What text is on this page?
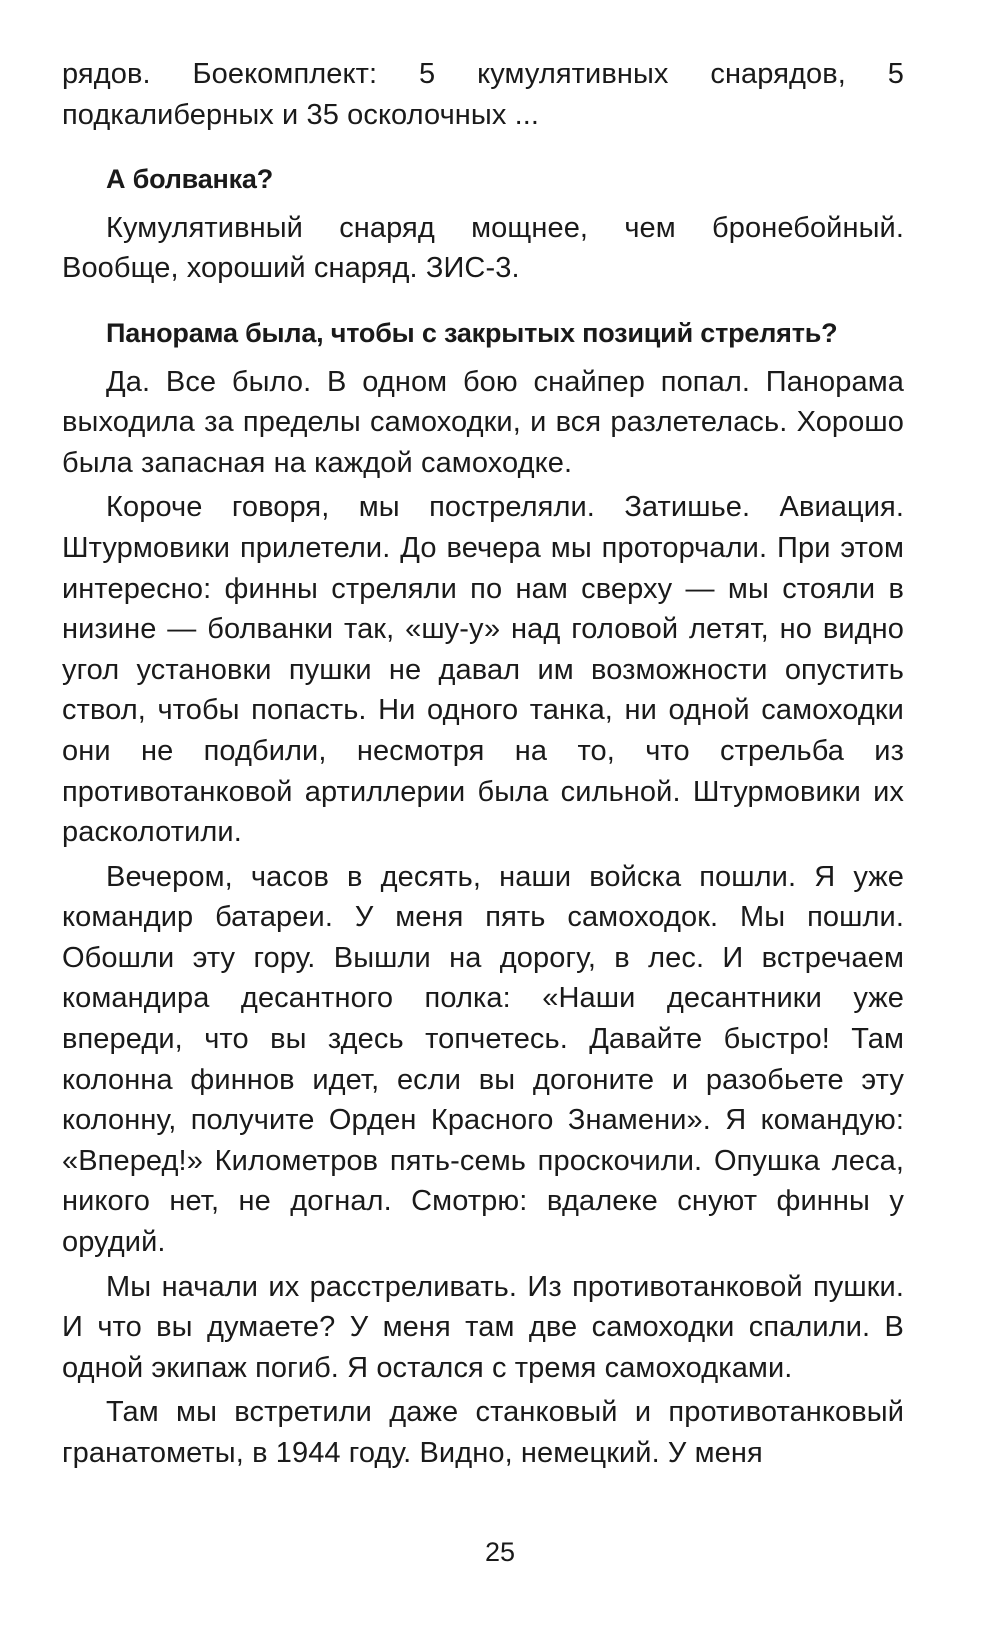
рядов. Боекомплект: 5 кумулятивных снарядов, 5 подкалиберных и 35 осколочных ...

А болванка?

Кумулятивный снаряд мощнее, чем бронебойный. Вообще, хороший снаряд. ЗИС-3.

Панорама была, чтобы с закрытых позиций стрелять?

Да. Все было. В одном бою снайпер попал. Панорама выходила за пределы самоходки, и вся разлетелась. Хорошо была запасная на каждой самоходке.

Короче говоря, мы постреляли. Затишье. Авиация. Штурмовики прилетели. До вечера мы проторчали. При этом интересно: финны стреляли по нам сверху — мы стояли в низине — болванки так, «шу-у» над головой летят, но видно угол установки пушки не давал им возможности опустить ствол, чтобы попасть. Ни одного танка, ни одной самоходки они не подбили, несмотря на то, что стрельба из противотанковой артиллерии была сильной. Штурмовики их расколотили.

Вечером, часов в десять, наши войска пошли. Я уже командир батареи. У меня пять самоходок. Мы пошли. Обошли эту гору. Вышли на дорогу, в лес. И встречаем командира десантного полка: «Наши десантники уже впереди, что вы здесь топчетесь. Давайте быстро! Там колонна финнов идет, если вы догоните и разобьете эту колонну, получите Орден Красного Знамени». Я командую: «Вперед!» Километров пять-семь проскочили. Опушка леса, никого нет, не догнал. Смотрю: вдалеке снуют финны у орудий.

Мы начали их расстреливать. Из противотанковой пушки. И что вы думаете? У меня там две самоходки спалили. В одной экипаж погиб. Я остался с тремя самоходками.

Там мы встретили даже станковый и противотанковый гранатометы, в 1944 году. Видно, немецкий. У меня

25
